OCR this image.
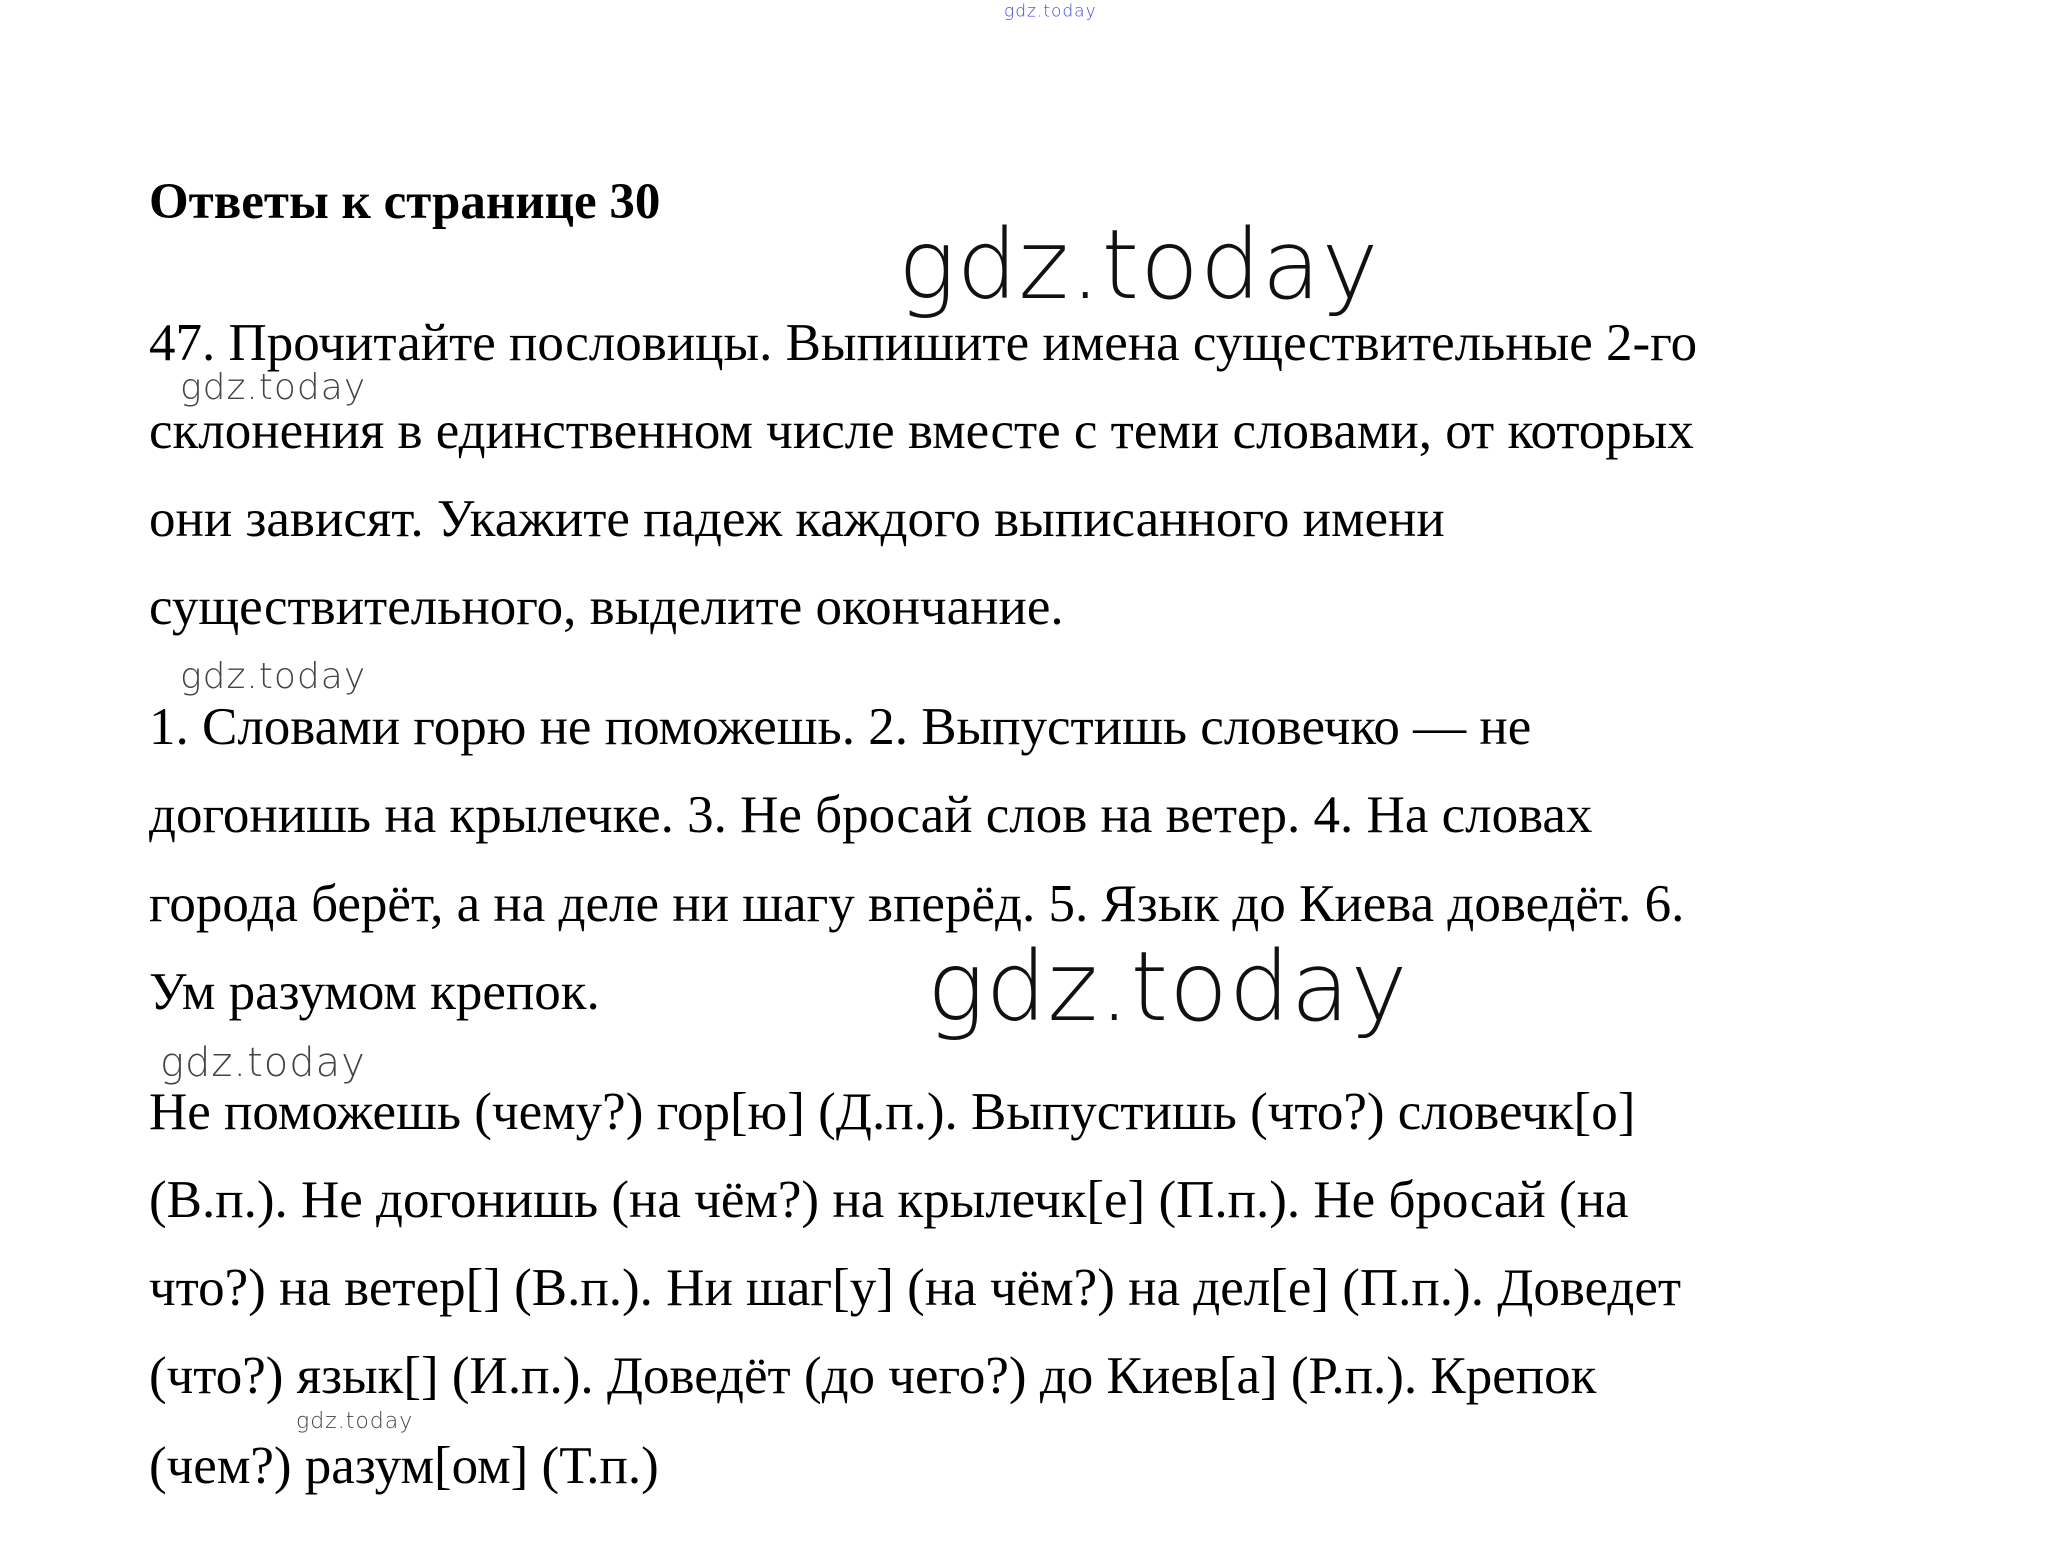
gdz.today
Ответы к странице 30
gdz.today
47. Прочитайте пословицы. Выпишите имена существительные 2-го
склонения в единственном числе вместе с теми словами, от которых
они зависят. Укажите падеж каждого выписанного имени
существительного, выделите окончание.
gdz.today
gdz.today
1. Словами горю не поможешь. 2. Выпустишь словечко — не
догонишь на крылечке. 3. Не бросай слов на ветер. 4. На словах
города берёт, а на деле ни шагу вперёд. 5. Язык до Киева доведёт. 6.
Ум разумом крепок.	gdz.today
gdz.today
Не поможешь (чему?) гор[ю] (Д.п.). Выпустишь (что?) словечк[о]
(В.п.). Не догонишь (на чём?) на крылечк[е] (П.п.). Не бросай (на
что?) на ветер[] (В.п.). Ни шаг[у] (на чём?) на дел[е] (П.п.). Доведет
(что?) язык[] (И.п.). Доведёт (до чего?) до Киев[а] (Р.п.). Крепок
(чем?) разум[ом] (Т.п.)
gdz.today
